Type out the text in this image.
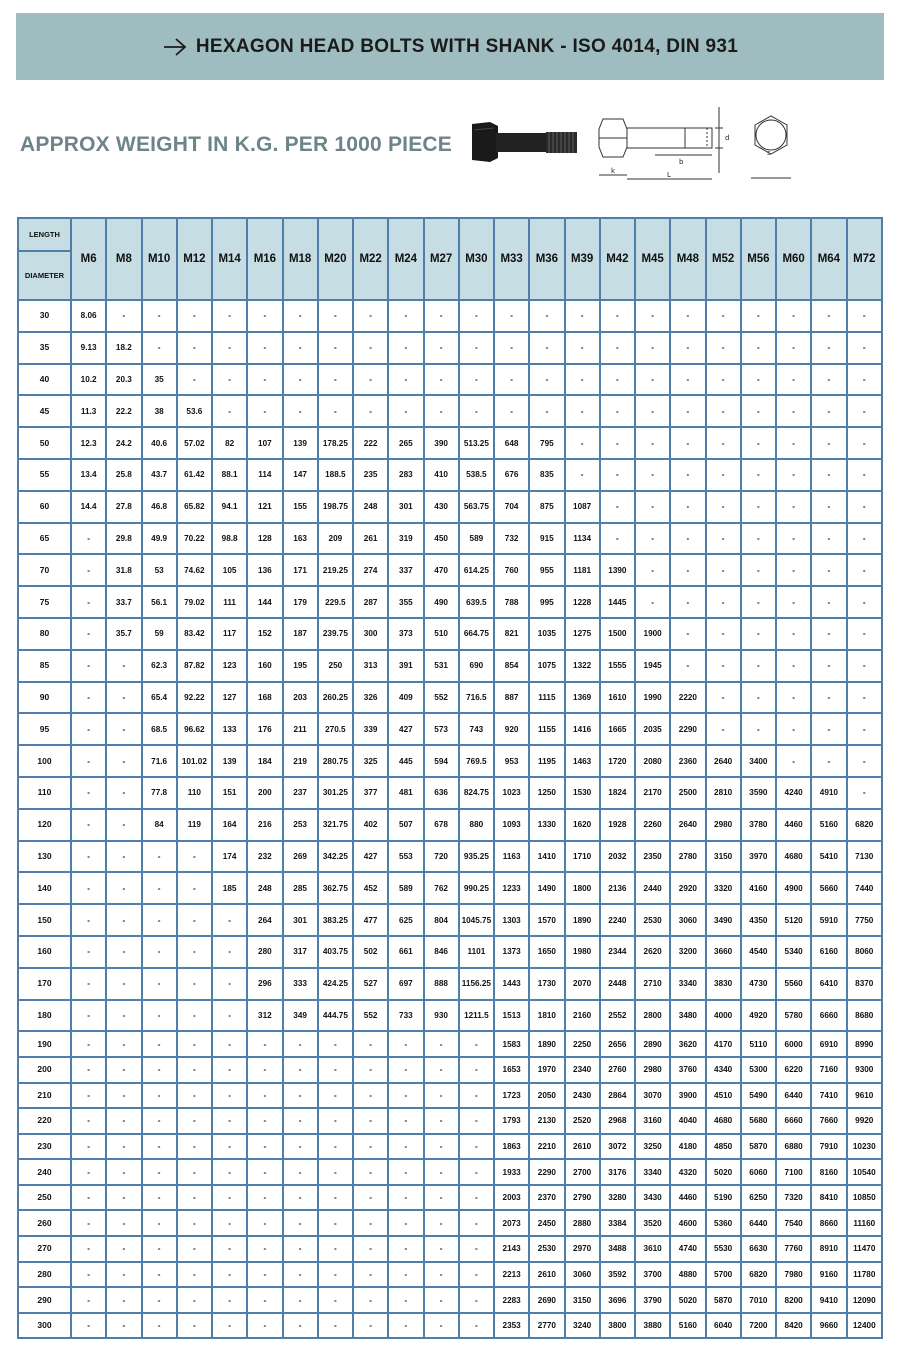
HEXAGON HEAD BOLTS WITH SHANK - ISO 4014, DIN 931
APPROX WEIGHT IN K.G. PER 1000 PIECE	d
b
k	L
s
LENGTH	M6	M8	M10	M12	M14	M16	M18	M20	M22	M24	M27	M30	M33	M36	M39	M42	M45	M48	M52	M56	M60	M64	M72
DIAMETER																							
30	8.06	-	-	-	-	-	-	-	-	-	-	-	-	-	-	-	-	-	-	-	-	-	-
35	9.13	18.2	-	-	-	-	-	-	-	-	-	-	-	-	-	-	-	-	-	-	-	-	-
40	10.2	20.3	35	-	-	-	-	-	-	-	-	-	-	-	-	-	-	-	-	-	-	-	-
45	11.3	22.2	38	53.6	-	-	-	-	-	-	-	-	-	-	-	-	-	-	-	-	-	-	-
50	12.3	24.2	40.6	57.02	82	107	139	178.25	222	265	390	513.25	648	795	-	-	-	-	-	-	-	-	-
55	13.4	25.8	43.7	61.42	88.1	114	147	188.5	235	283	410	538.5	676	835	-	-	-	-	-	-	-	-	-
60	14.4	27.8	46.8	65.82	94.1	121	155	198.75	248	301	430	563.75	704	875	1087	-	-	-	-	-	-	-	-
65	-	29.8	49.9	70.22	98.8	128	163	209	261	319	450	589	732	915	1134	-	-	-	-	-	-	-	-
70	-	31.8	53	74.62	105	136	171	219.25	274	337	470	614.25	760	955	1181	1390	-	-	-	-	-	-	-
75	-	33.7	56.1	79.02	111	144	179	229.5	287	355	490	639.5	788	995	1228	1445	-	-	-	-	-	-	-
80	-	35.7	59	83.42	117	152	187	239.75	300	373	510	664.75	821	1035	1275	1500	1900	-	-	-	-	-	-
85	-	-	62.3	87.82	123	160	195	250	313	391	531	690	854	1075	1322	1555	1945	-	-	-	-	-	-
90	-	-	65.4	92.22	127	168	203	260.25	326	409	552	716.5	887	1115	1369	1610	1990	2220	-	-	-	-	-
95	-	-	68.5	96.62	133	176	211	270.5	339	427	573	743	920	1155	1416	1665	2035	2290	-	-	-	-	-
100	-	-	71.6	101.02	139	184	219	280.75	325	445	594	769.5	953	1195	1463	1720	2080	2360	2640	3400	-	-	-
110	-	-	77.8	110	151	200	237	301.25	377	481	636	824.75	1023	1250	1530	1824	2170	2500	2810	3590	4240	4910	-
120	-	-	84	119	164	216	253	321.75	402	507	678	880	1093	1330	1620	1928	2260	2640	2980	3780	4460	5160	6820
130	-	-	-	-	174	232	269	342.25	427	553	720	935.25	1163	1410	1710	2032	2350	2780	3150	3970	4680	5410	7130
140	-	-	-	-	185	248	285	362.75	452	589	762	990.25	1233	1490	1800	2136	2440	2920	3320	4160	4900	5660	7440
150	-	-	-	-	-	264	301	383.25	477	625	804	1045.75	1303	1570	1890	2240	2530	3060	3490	4350	5120	5910	7750
160	-	-	-	-	-	280	317	403.75	502	661	846	1101	1373	1650	1980	2344	2620	3200	3660	4540	5340	6160	8060
170	-	-	-	-	-	296	333	424.25	527	697	888	1156.25	1443	1730	2070	2448	2710	3340	3830	4730	5560	6410	8370
180	-	-	-	-	-	312	349	444.75	552	733	930	1211.5	1513	1810	2160	2552	2800	3480	4000	4920	5780	6660	8680
190	-	-	-	-	-	-	-	-	-	-	-	-	1583	1890	2250	2656	2890	3620	4170	5110	6000	6910	8990
200	-	-	-	-	-	-	-	-	-	-	-	-	1653	1970	2340	2760	2980	3760	4340	5300	6220	7160	9300
210	-	-	-	-	-	-	-	-	-	-	-	-	1723	2050	2430	2864	3070	3900	4510	5490	6440	7410	9610
220	-	-	-	-	-	-	-	-	-	-	-	-	1793	2130	2520	2968	3160	4040	4680	5680	6660	7660	9920
230	-	-	-	-	-	-	-	-	-	-	-	-	1863	2210	2610	3072	3250	4180	4850	5870	6880	7910	10230
240	-	-	-	-	-	-	-	-	-	-	-	-	1933	2290	2700	3176	3340	4320	5020	6060	7100	8160	10540
250	-	-	-	-	-	-	-	-	-	-	-	-	2003	2370	2790	3280	3430	4460	5190	6250	7320	8410	10850
260	-	-	-	-	-	-	-	-	-	-	-	-	2073	2450	2880	3384	3520	4600	5360	6440	7540	8660	11160
270	-	-	-	-	-	-	-	-	-	-	-	-	2143	2530	2970	3488	3610	4740	5530	6630	7760	8910	11470
280	-	-	-	-	-	-	-	-	-	-	-	-	2213	2610	3060	3592	3700	4880	5700	6820	7980	9160	11780
290	-	-	-	-	-	-	-	-	-	-	-	-	2283	2690	3150	3696	3790	5020	5870	7010	8200	9410	12090
300	-	-	-	-	-	-	-	-	-	-	-	-	2353	2770	3240	3800	3880	5160	6040	7200	8420	9660	12400
